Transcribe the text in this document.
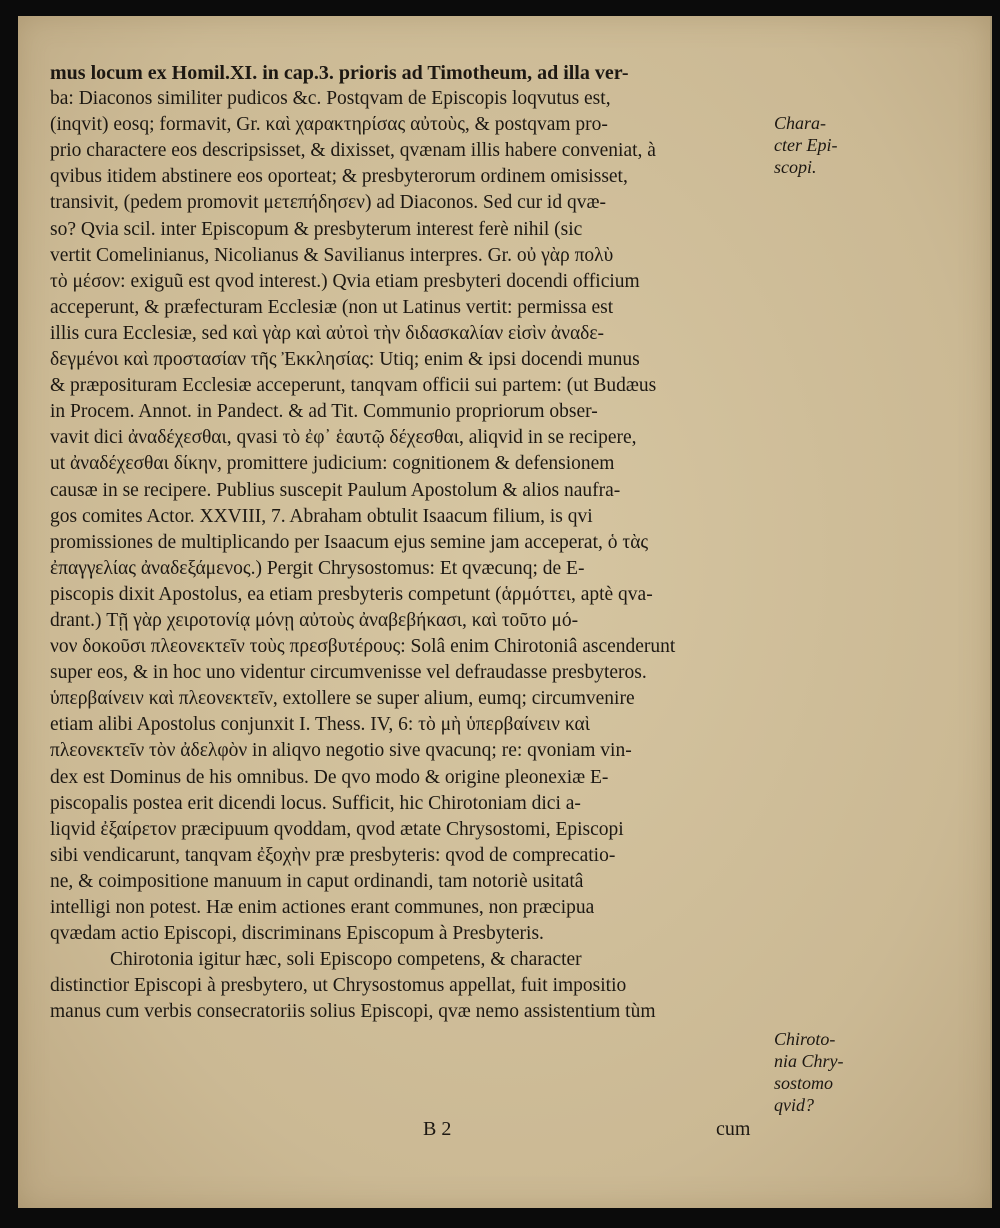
mus locum ex Homil.XI. in cap.3. prioris ad Timotheum, ad illa ver-
ba: Diaconos similiter pudicos &c. Postqvam de Episcopis loqvutus est,
(inqvit) eosq; formavit, Gr. καὶ χαρακτηρίσας αὐτοὺς, & postqvam pro-
prio charactere eos descripsisset, & dixisset, qvænam illis habere conveniat, à
qvibus itidem abstinere eos oporteat; & presbyterorum ordinem omisisset,
transivit, (pedem promovit μετεπήδησεν) ad Diaconos. Sed cur id qvæ-
so? Qvia scil. inter Episcopum & presbyterum interest ferè nihil (sic
vertit Comelinianus, Nicolianus & Savilianus interpres. Gr. οὐ γὰρ πολὺ
τὸ μέσον: exiguũ est qvod interest.) Qvia etiam presbyteri docendi officium
acceperunt, & præfecturam Ecclesiæ (non ut Latinus vertit: permissa est
illis cura Ecclesiæ, sed καὶ γὰρ καὶ αὐτοὶ τὴν διδασκαλίαν εἰσὶν ἀναδε-
δεγμένοι καὶ προστασίαν τῆς Ἐκκλησίας: Utiq; enim & ipsi docendi munus
& præposituram Ecclesiæ acceperunt, tanqvam officii sui partem: (ut Budæus
in Procem. Annot. in Pandect. & ad Tit. Communio propriorum obser-
vavit dici ἀναδέχεσθαι, qvasi τὸ ἐφ᾽ ἑαυτῷ δέχεσθαι, aliqvid in se recipere,
ut ἀναδέχεσθαι δίκην, promittere judicium: cognitionem & defensionem
causæ in se recipere. Publius suscepit Paulum Apostolum & alios naufra-
gos comites Actor. XXVIII, 7. Abraham obtulit Isaacum filium, is qvi
promissiones de multiplicando per Isaacum ejus semine jam acceperat, ὁ τὰς
ἐπαγγελίας ἀναδεξάμενος.) Pergit Chrysostomus: Et qvæcunq; de E-
piscopis dixit Apostolus, ea etiam presbyteris competunt (ἁρμόττει, aptè qva-
drant.) Τῇ γὰρ χειροτονίᾳ μόνῃ αὐτοὺς ἀναβεβήκασι, καὶ τοῦτο μό-
νον δοκοῦσι πλεονεκτεῖν τοὺς πρεσβυτέρους: Solâ enim Chirotoniâ ascenderunt
super eos, & in hoc uno videntur circumvenisse vel defraudasse presbyteros.
ὑπερβαίνειν καὶ πλεονεκτεῖν, extollere se super alium, eumq; circumvenire
etiam alibi Apostolus conjunxit I. Thess. IV, 6: τὸ μὴ ὑπερβαίνειν καὶ
πλεονεκτεῖν τὸν ἀδελφὸν in aliqvo negotio sive qvacunq; re: qvoniam vin-
dex est Dominus de his omnibus. De qvo modo & origine pleonexiæ E-
piscopalis postea erit dicendi locus. Sufficit, hic Chirotoniam dici a-
liqvid ἐξαίρετον præcipuum qvoddam, qvod ætate Chrysostomi, Episcopi
sibi vendicarunt, tanqvam ἐξοχὴν præ presbyteris: qvod de comprecatio-
ne, & coimpositione manuum in caput ordinandi, tam notoriè usitatâ
intelligi non potest. Hæ enim actiones erant communes, non præcipua
qvædam actio Episcopi, discriminans Episcopum à Presbyteris.
Chirotonia igitur hæc, soli Episcopo competens, & character
distinctior Episcopi à presbytero, ut Chrysostomus appellat, fuit impositio
manus cum verbis consecratoriis solius Episcopi, qvæ nemo assistentium tùm
Chara-
cter Epi-
scopi.
Chiroto-
nia Chry-
sostomo
qvid?
B 2	cum
